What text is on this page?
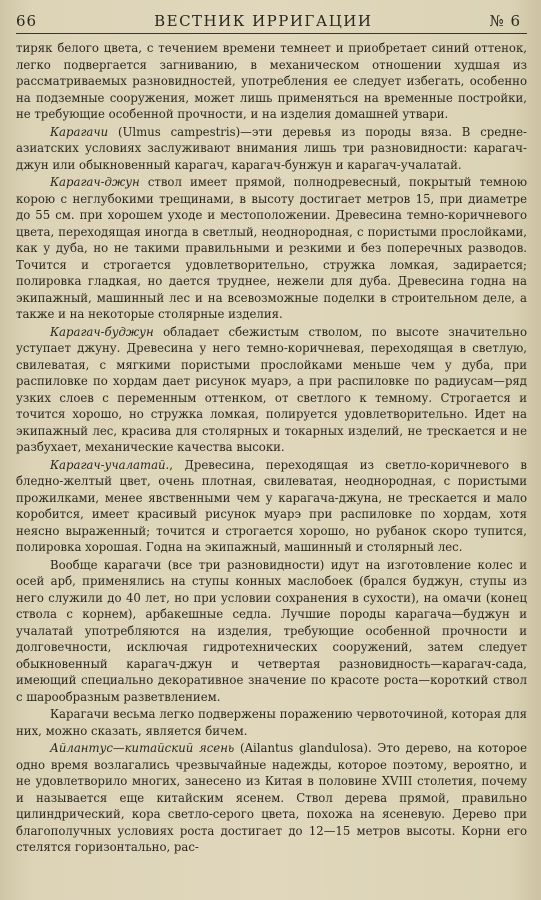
66	ВЕСТНИК ИРРИГАЦИИ	№ 6

тиряк белого цвета, с течением времени темнеет и приобретает синий оттенок, легко подвергается загниванию, в механическом отношении худшая из рассматриваемых разновидностей, употребления ее следует избегать, особенно на подземные сооружения, может лишь применяться на временные постройки, не требующие особенной прочности, и на изделия домашней утвари.

Карагачи (Ulmus campestris)—эти деревья из породы вяза. В средне-азиатских условиях заслуживают внимания лишь три разновидности: карагач-джун или обыкновенный карагач, карагач-бунжун и карагач-учалатай.

Карагач-джун ствол имеет прямой, полнодревесный, покрытый темною корою с неглубокими трещинами, в высоту достигает метров 15, при диаметре до 55 см. при хорошем уходе и местоположении. Древесина темно-коричневого цвета, переходящая иногда в светлый, неоднородная, с пористыми прослойками, как у дуба, но не такими правильными и резкими и без поперечных разводов. Точится и строгается удовлетворительно, стружка ломкая, задирается; полировка гладкая, но дается труднее, нежели для дуба. Древесина годна на экипажный, машинный лес и на всевозможные поделки в строительном деле, а также и на некоторые столярные изделия.

Карагач-буджун обладает сбежистым стволом, по высоте значительно уступает джуну. Древесина у него темно-коричневая, переходящая в светлую, свилеватая, с мягкими пористыми прослойками меньше чем у дуба, при распиловке по хордам дает рисунок муарэ, а при распиловке по радиусам—ряд узких слоев с переменным оттенком, от светлого к темному. Строгается и точится хорошо, но стружка ломкая, полируется удовлетворительно. Идет на экипажный лес, красива для столярных и токарных изделий, не трескается и не разбухает, механические качества высоки.

Карагач-учалатай., Древесина, переходящая из светло-коричневого в бледно-желтый цвет, очень плотная, свилеватая, неоднородная, с пористыми прожилками, менее явственными чем у карагача-джуна, не трескается и мало коробится, имеет красивый рисунок муарэ при распиловке по хордам, хотя неясно выраженный; точится и строгается хорошо, но рубанок скоро тупится, полировка хорошая. Годна на экипажный, машинный и столярный лес.

Вообще карагачи (все три разновидности) идут на изготовление колес и осей арб, применялись на ступы конных маслобоек (брался буджун, ступы из него служили до 40 лет, но при условии сохранения в сухости), на омачи (конец ствола с корнем), арбакешные седла. Лучшие породы карагача—буджун и учалатай употребляются на изделия, требующие особенной прочности и долговечности, исключая гидротехнических сооружений, затем следует обыкновенный карагач-джун и четвертая разновидность—карагач-сада, имеющий специально декоративное значение по красоте роста—короткий ствол с шарообразным разветвлением.

Карагачи весьма легко подвержены поражению червоточиной, которая для них, можно сказать, является бичем.

Айлантус—китайский ясень (Ailantus glandulosa). Это дерево, на которое одно время возлагались чрезвычайные надежды, которое поэтому, вероятно, и не удовлетворило многих, занесено из Китая в половине XVIII столетия, почему и называется еще китайским ясенем. Ствол дерева прямой, правильно цилиндрический, кора светло-серого цвета, похожа на ясеневую. Дерево при благополучных условиях роста достигает до 12—15 метров высоты. Корни его стелятся горизонтально, рас-
